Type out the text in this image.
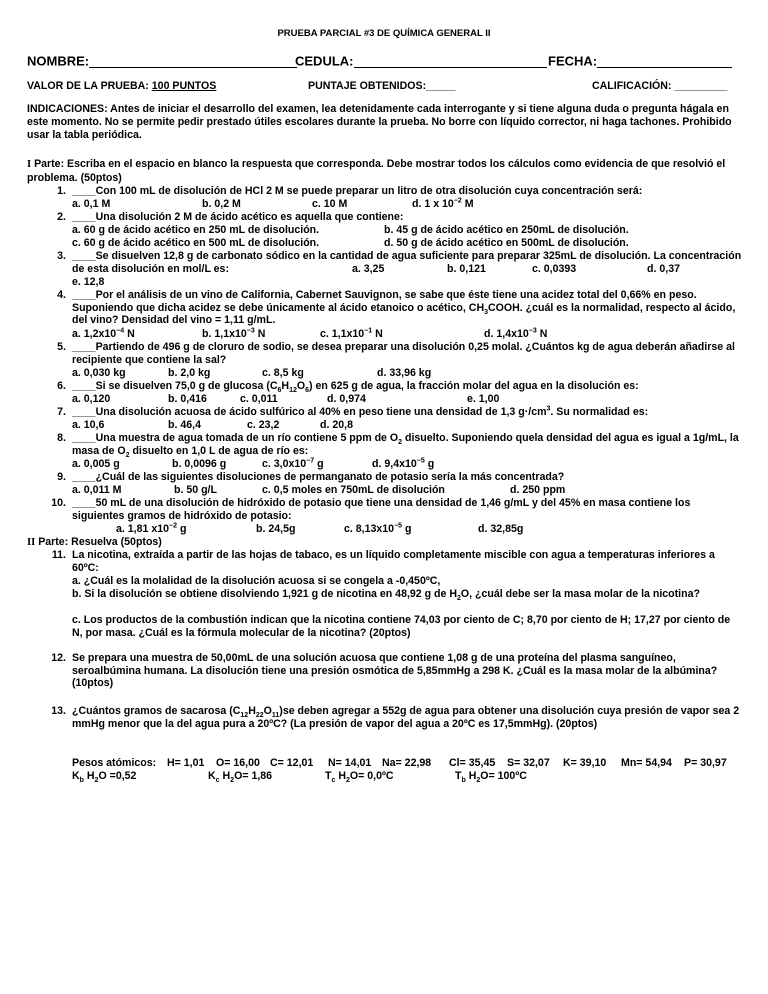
PRUEBA PARCIAL #3 DE QUÍMICA GENERAL II
NOMBRE:	CEDULA:	FECHA:
VALOR DE LA PRUEBA: 100 PUNTOS	PUNTAJE OBTENIDOS:_____	CALIFICACIÓN: _________
INDICACIONES: Antes de iniciar el desarrollo del examen, lea detenidamente cada interrogante y si tiene alguna duda o pregunta hágala en este momento. No se permite pedir prestado útiles escolares durante la prueba. No borre con líquido corrector, ni haga tachones. Prohibido usar la tabla periódica.
I Parte: Escriba en el espacio en blanco la respuesta que corresponda. Debe mostrar todos los cálculos como evidencia de que resolvió el problema. (50ptos)
1. ____Con 100 mL de disolución de HCl 2 M se puede preparar un litro de otra disolución cuya concentración será:
a. 0,1 M	b. 0,2 M	c. 10 M	d. 1 x $10^{-2}$ M
2. ____Una disolución 2 M de ácido acético es aquella que contiene:
a. 60 g de ácido acético en 250 mL de disolución.	b. 45 g de ácido acético en 250mL de disolución.
c. 60 g de ácido acético en 500 mL de disolución.	d. 50 g de ácido acético en 500mL de disolución.
3. ____Se disuelven 12,8 g de carbonato sódico en la cantidad de agua suficiente para preparar 325mL de disolución. La concentración de esta disolución en mol/L es:	a. 3,25	b. 0,121	c. 0,0393	d. 0,37
e. 12,8
4. ____Por el análisis de un vino de California, Cabernet Sauvignon, se sabe que éste tiene una acidez total del 0,66% en peso. Suponiendo que dicha acidez se debe únicamente al ácido etanoico o acético, $CH_3COOH$. ¿cuál es la normalidad, respecto al ácido, del vino? Densidad del vino = 1,11 g/mL.
a. $1,2x10^{-4}$ N	b. $1,1x10^{-3}$ N	c. $1,1x10^{-1}$ N	d. $1,4x10^{-3}$ N
5. ____Partiendo de 496 g de cloruro de sodio, se desea preparar una disolución 0,25 molal. ¿Cuántos kg de agua deberán añadirse al recipiente que contiene la sal?
a. 0,030 kg	b. 2,0 kg	c. 8,5 kg	d. 33,96 kg
6. ____Si se disuelven 75,0 g de glucosa $(C_6H_{12}O_6)$ en 625 g de agua, la fracción molar del agua en la disolución es:
a. 0,120	b. 0,416	c. 0,011	d. 0,974	e. 1,00
7. ____Una disolución acuosa de ácido sulfúrico al 40% en peso tiene una densidad de 1,3 $g\cdot/cm^3$. Su normalidad es:
a. 10,6	b. 46,4	c. 23,2	d. 20,8
8. ____Una muestra de agua tomada de un río contiene 5 ppm de $O_2$ disuelto. Suponiendo quela densidad del agua es igual a 1g/mL, la masa de $O_2$ disuelto en 1,0 L de agua de río es:
a. 0,005 g	b. 0,0096 g	c. $3,0x10^{-7}$ g	d. $9,4x10^{-5}$ g
9. ____¿Cuál de las siguientes disoluciones de permanganato de potasio sería la más concentrada?
a. 0,011 M	b. 50 g/L	c. 0,5 moles en 750mL de disolución	d. 250 ppm
10. ____50 mL de una disolución de hidróxido de potasio que tiene una densidad de 1,46 g/mL y del 45% en masa contiene los siguientes gramos de hidróxido de potasio:
a. 1,81 $x10^{-2}$ g	b. 24,5g	c. $8,13x10^{-5}$ g	d. 32,85g
II Parte: Resuelva (50ptos)
11. La nicotina, extraída a partir de las hojas de tabaco, es un líquido completamente miscible con agua a temperaturas inferiores a 60ºC:
a. ¿Cuál es la molalidad de la disolución acuosa si se congela a -0,450ºC,
b. Si la disolución se obtiene disolviendo 1,921 g de nicotina en 48,92 g de $H_2O$, ¿cuál debe ser la masa molar de la nicotina?
c. Los productos de la combustión indican que la nicotina contiene 74,03 por ciento de C; 8,70 por ciento de H; 17,27 por ciento de N, por masa. ¿Cuál es la fórmula molecular de la nicotina? (20ptos)
12. Se prepara una muestra de 50,00mL de una solución acuosa que contiene 1,08 g de una proteína del plasma sanguíneo, seroalbúmina humana. La disolución tiene una presión osmótica de 5,85mmHg a 298 K. ¿Cuál es la masa molar de la albúmina? (10ptos)
13. ¿Cuántos gramos de sacarosa $(C_{12}H_{22}O_{11})se$ deben agregar a 552g de agua para obtener una disolución cuya presión de vapor sea 2 mmHg menor que la del agua pura a 20ºC? (La presión de vapor del agua a 20ºC es 17,5mmHg). (20ptos)
Pesos atómicos: H= 1,01 O= 16,00 C= 12,01 N= 14,01 Na= 22,98 Cl= 35,45 S= 32,07 K= 39,10 Mn= 54,94 P= 30,97
$K_b$ $H_2O =0,52$	$K_c$ $H_2O= 1,86$	$T_c$ $H_2O=$ 0,0ºC	$T_b$ $H_2O=$ 100ºC
